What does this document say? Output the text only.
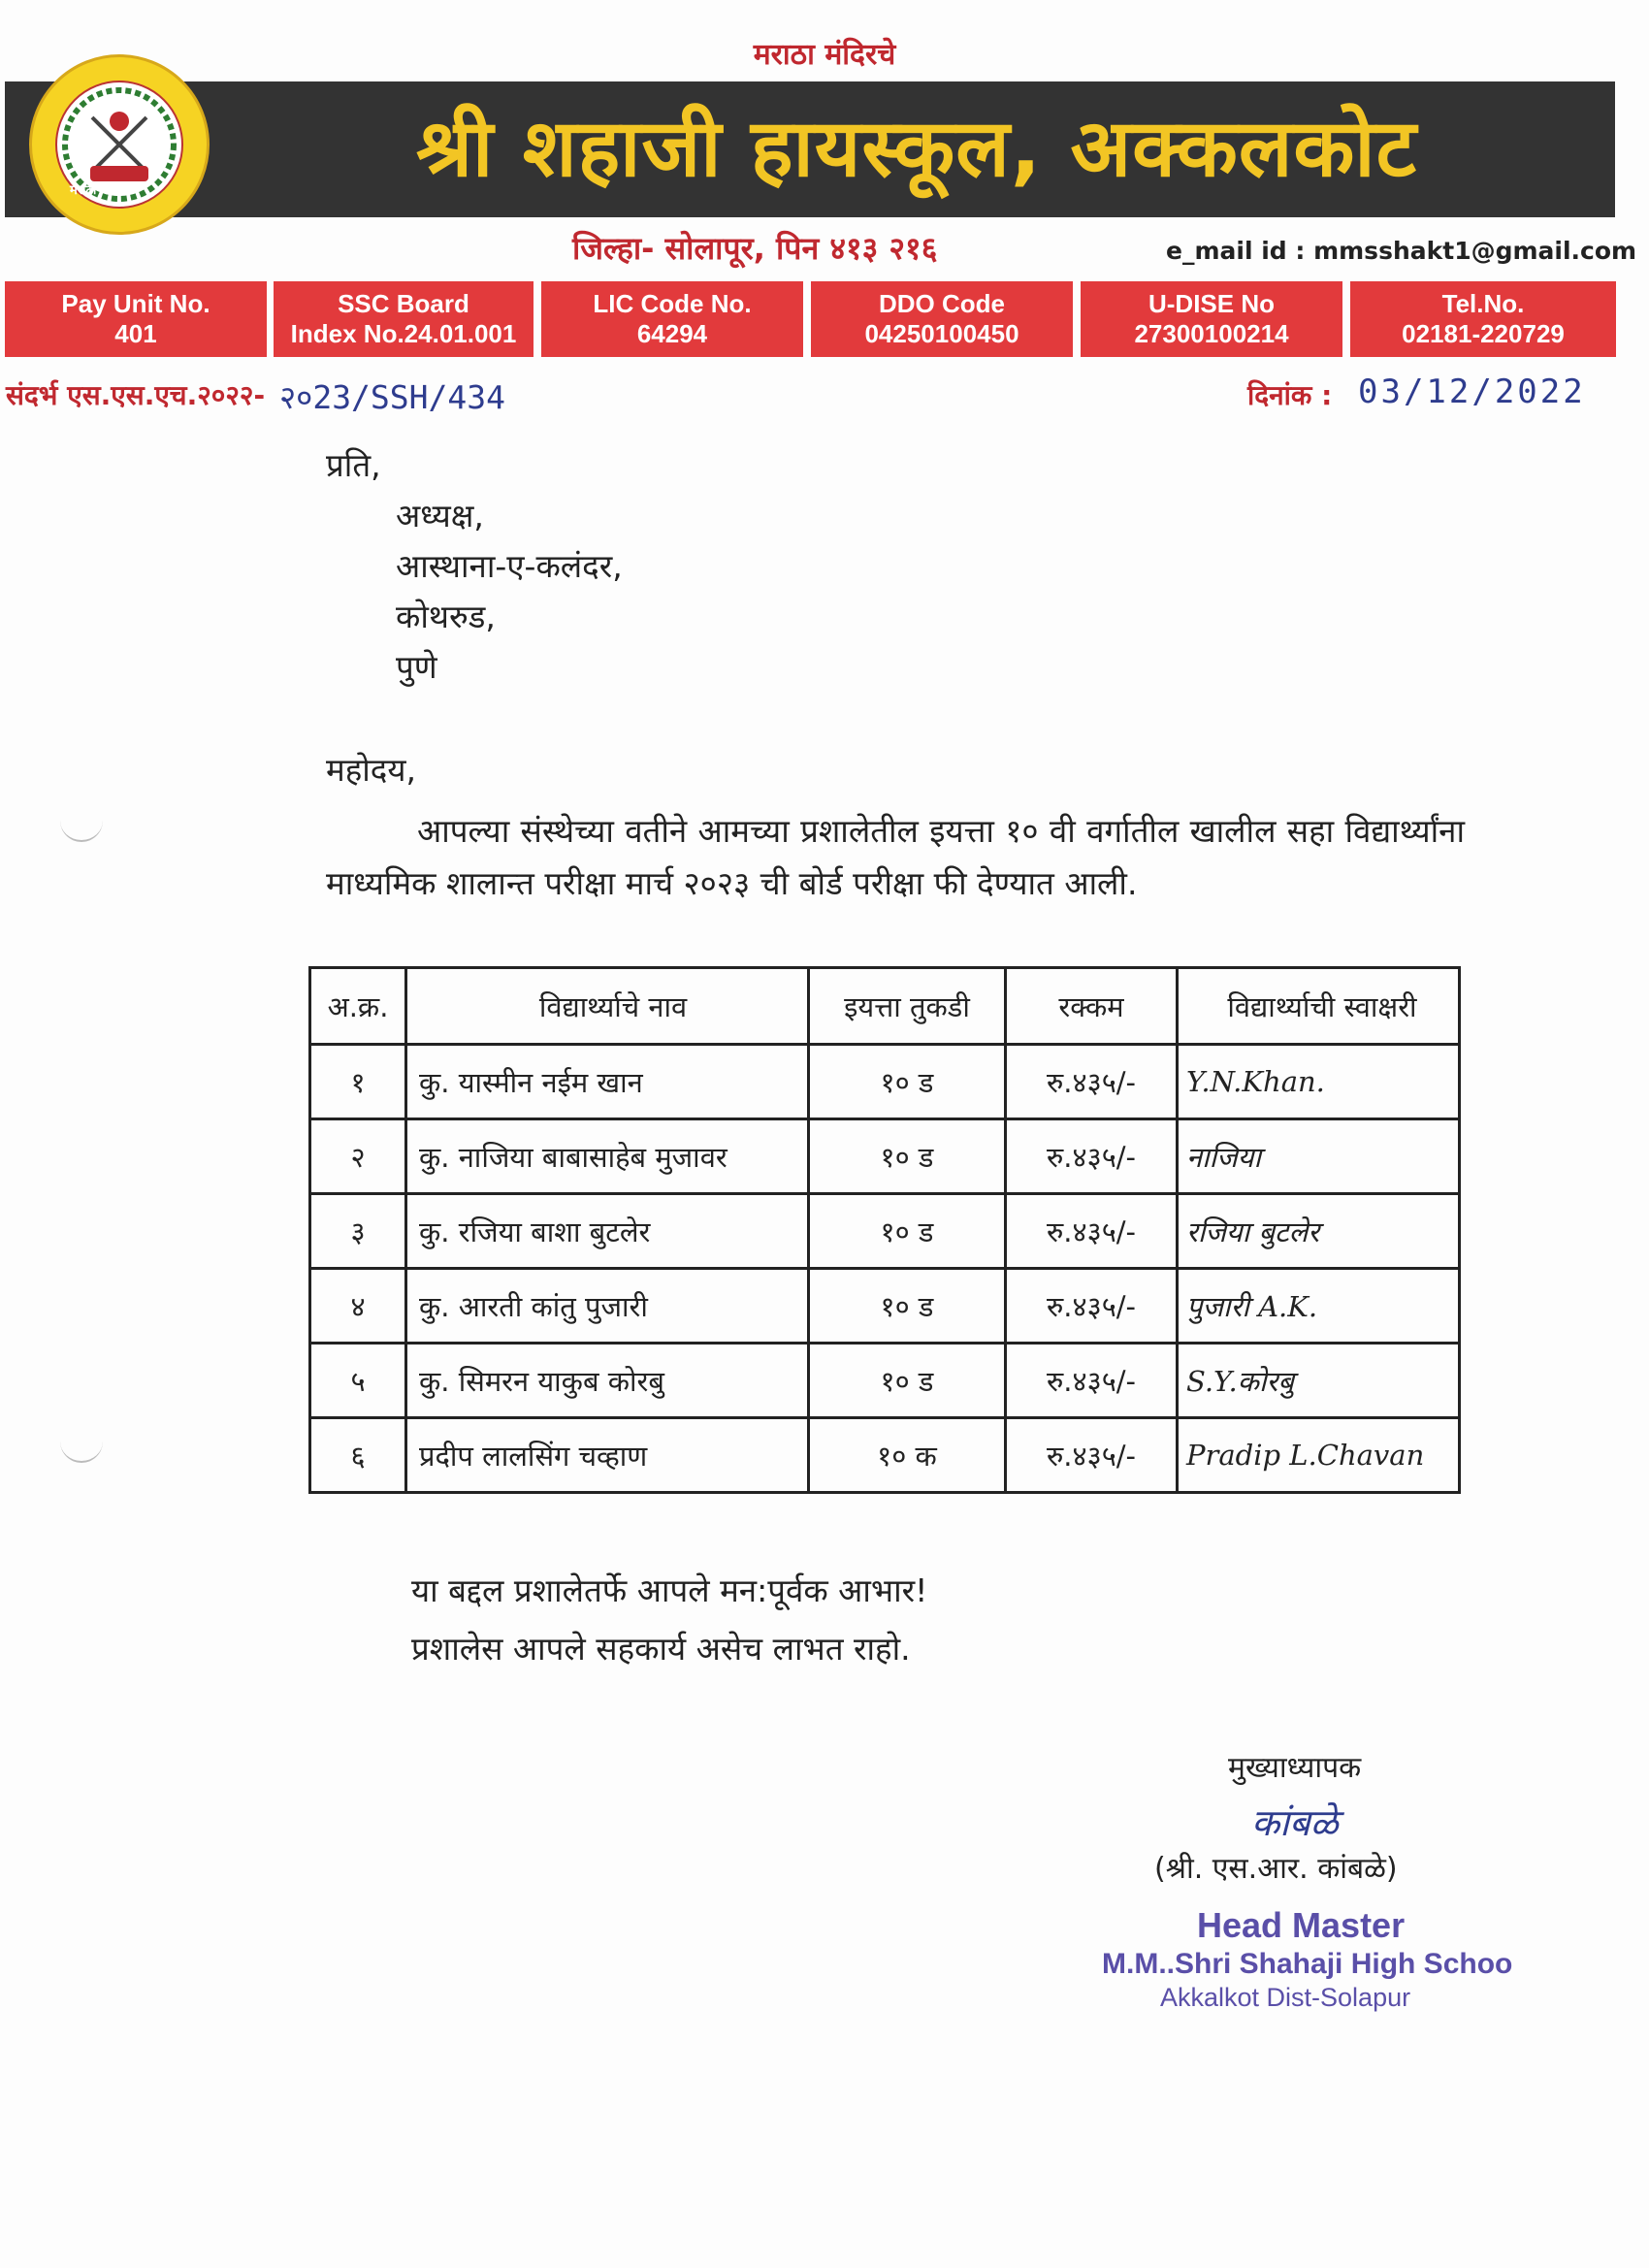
मराठा मंदिरचे
श्री शहाजी हायस्कूल, अक्कलकोट
मराठा मंदिर
जिल्हा- सोलापूर, पिन ४१३ २१६	e_mail id : mmsshakt1@gmail.com
Pay Unit No.
401
SSC Board
Index No.24.01.001
LIC Code No.
64294
DDO Code
04250100450
U-DISE No
27300100214
Tel.No.
02181-220729
संदर्भ एस.एस.एच.२०२२- २०23/SSH/434	दिनांक : 03/12/2022
प्रति,
अध्यक्ष,
आस्थाना-ए-कलंदर,
कोथरुड,
पुणे
महोदय,
आपल्या संस्थेच्या वतीने आमच्या प्रशालेतील इयत्ता १० वी वर्गातील खालील सहा विद्यार्थ्यांना माध्यमिक शालान्त परीक्षा मार्च २०२३ ची बोर्ड परीक्षा फी देण्यात आली.
अ.क्र.	विद्यार्थ्याचे नाव	इयत्ता तुकडी	रक्कम	विद्यार्थ्याची स्वाक्षरी
१	कु. यास्मीन नईम खान	१० ड	रु.४३५/-	Y.N.Khan.
२	कु. नाजिया बाबासाहेब मुजावर	१० ड	रु.४३५/-	नाजिया
३	कु. रजिया बाशा बुटलेर	१० ड	रु.४३५/-	रजिया बुटलेर
४	कु. आरती कांतु पुजारी	१० ड	रु.४३५/-	पुजारी A.K.
५	कु. सिमरन याकुब कोरबु	१० ड	रु.४३५/-	S.Y.कोरबु
६	प्रदीप लालसिंग चव्हाण	१० क	रु.४३५/-	Pradip L.Chavan
या बद्दल प्रशालेतर्फे आपले मन:पूर्वक आभार!
प्रशालेस आपले सहकार्य असेच लाभत राहो.
मुख्याध्यापक
कांबळे
(श्री. एस.आर. कांबळे)
Head Master
M.M..Shri Shahaji High Schoo
Akkalkot Dist-Solapur
